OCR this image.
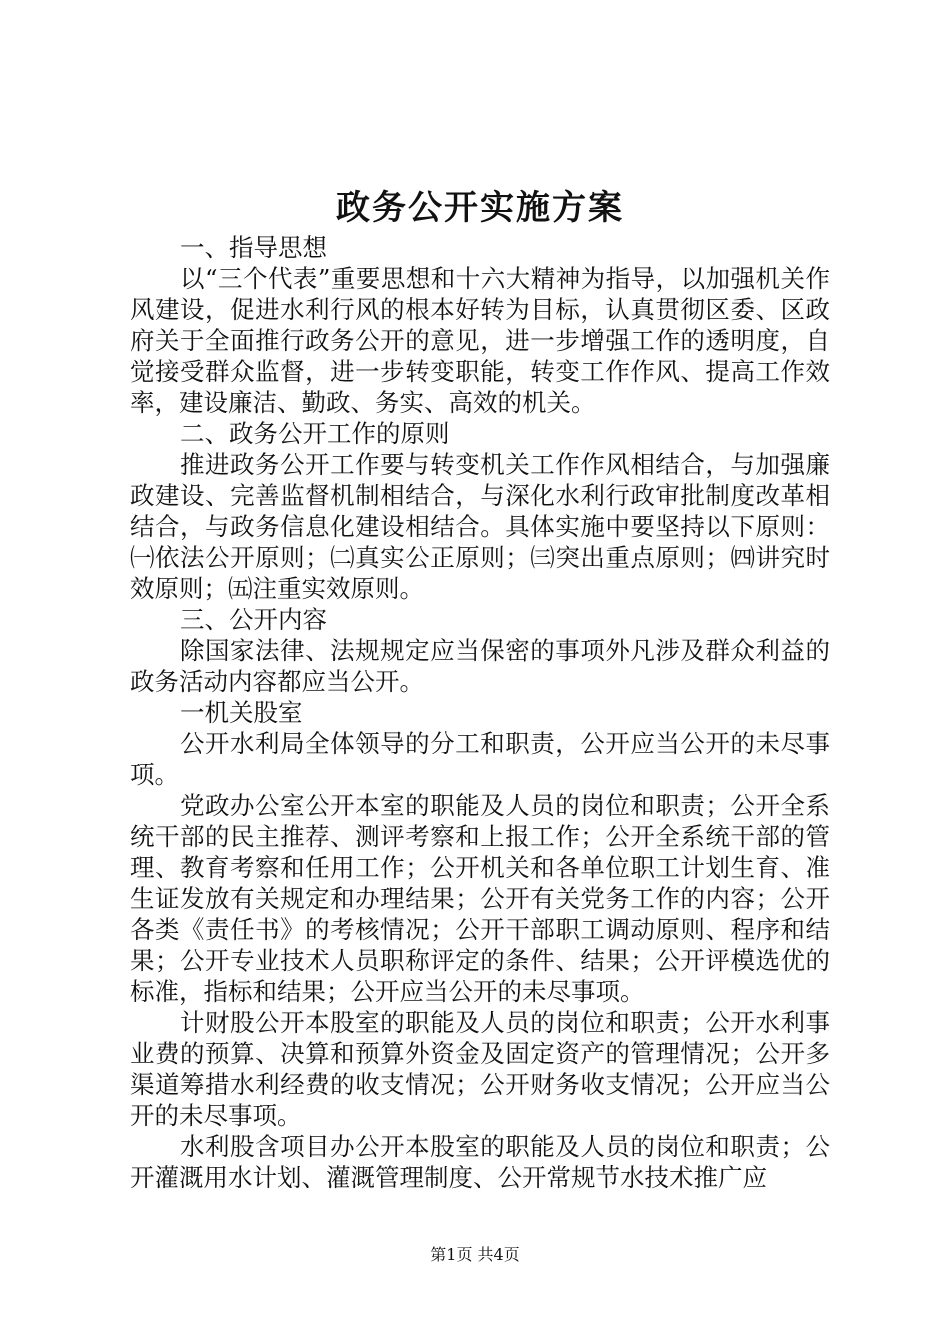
政务公开实施方案

一、指导思想

以“三个代表”重要思想和十六大精神为指导，以加强机关作风建设，促进水利行风的根本好转为目标，认真贯彻区委、区政府关于全面推行政务公开的意见，进一步增强工作的透明度，自觉接受群众监督，进一步转变职能，转变工作作风、提高工作效率，建设廉洁、勤政、务实、高效的机关。

二、政务公开工作的原则

推进政务公开工作要与转变机关工作作风相结合，与加强廉政建设、完善监督机制相结合，与深化水利行政审批制度改革相结合，与政务信息化建设相结合。具体实施中要坚持以下原则：㈠依法公开原则；㈡真实公正原则；㈢突出重点原则；㈣讲究时效原则；㈤注重实效原则。

三、公开内容

除国家法律、法规规定应当保密的事项外凡涉及群众利益的政务活动内容都应当公开。

一机关股室

公开水利局全体领导的分工和职责，公开应当公开的未尽事项。

党政办公室公开本室的职能及人员的岗位和职责；公开全系统干部的民主推荐、测评考察和上报工作；公开全系统干部的管理、教育考察和任用工作；公开机关和各单位职工计划生育、准生证发放有关规定和办理结果；公开有关党务工作的内容；公开各类《责任书》的考核情况；公开干部职工调动原则、程序和结果；公开专业技术人员职称评定的条件、结果；公开评模选优的标准，指标和结果；公开应当公开的未尽事项。

计财股公开本股室的职能及人员的岗位和职责；公开水利事业费的预算、决算和预算外资金及固定资产的管理情况；公开多渠道筹措水利经费的收支情况；公开财务收支情况；公开应当公开的未尽事项。

水利股含项目办公开本股室的职能及人员的岗位和职责；公开灌溉用水计划、灌溉管理制度、公开常规节水技术推广应

第1页 共4页
